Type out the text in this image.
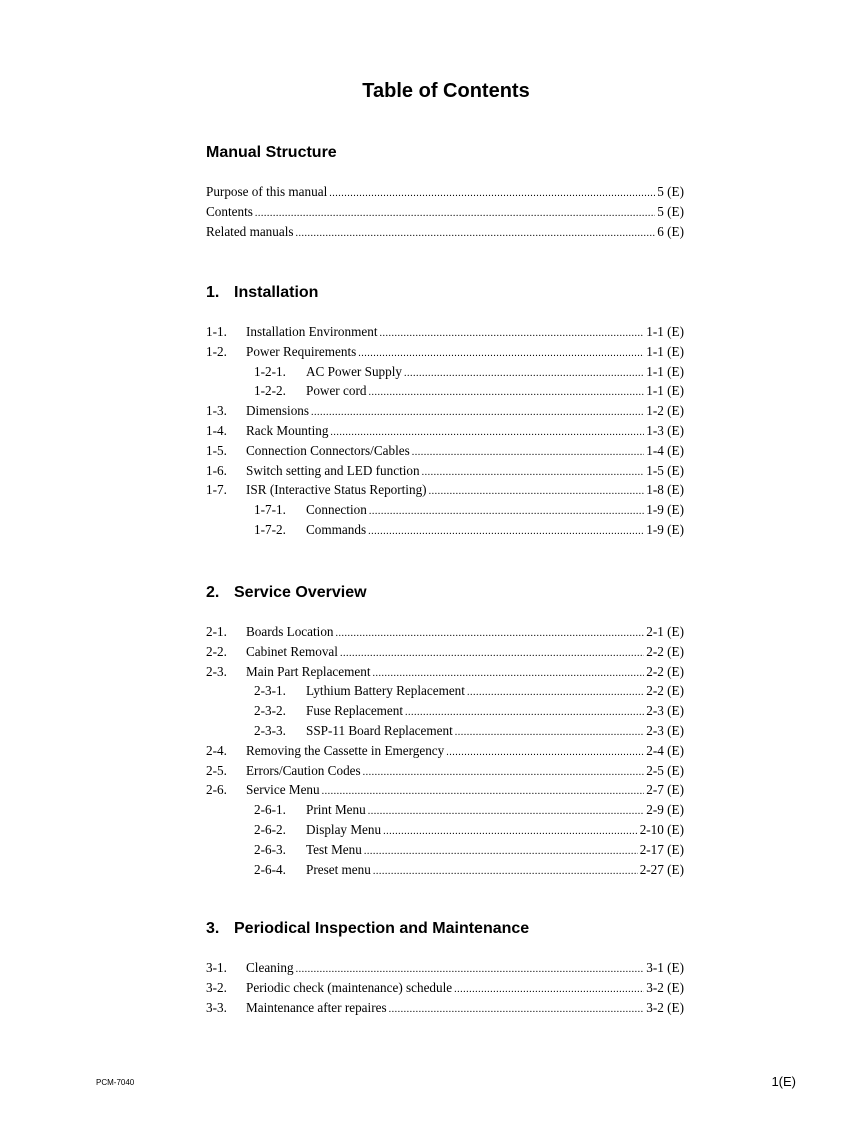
Table of Contents
Manual Structure
Purpose of this manual .....	5 (E)
Contents .....	5 (E)
Related manuals .....	6 (E)
1. Installation
1-1.	Installation Environment .....	1-1 (E)
1-2.	Power Requirements .....	1-1 (E)
1-2-1.	AC Power Supply .....	1-1 (E)
1-2-2.	Power cord .....	1-1 (E)
1-3.	Dimensions .....	1-2 (E)
1-4.	Rack Mounting .....	1-3 (E)
1-5.	Connection Connectors/Cables .....	1-4 (E)
1-6.	Switch setting and LED function .....	1-5 (E)
1-7.	ISR (Interactive Status Reporting) .....	1-8 (E)
1-7-1.	Connection .....	1-9 (E)
1-7-2.	Commands .....	1-9 (E)
2. Service Overview
2-1.	Boards Location .....	2-1 (E)
2-2.	Cabinet Removal .....	2-2 (E)
2-3.	Main Part Replacement .....	2-2 (E)
2-3-1.	Lythium Battery Replacement .....	2-2 (E)
2-3-2.	Fuse Replacement .....	2-3 (E)
2-3-3.	SSP-11 Board Replacement .....	2-3 (E)
2-4.	Removing the Cassette in Emergency .....	2-4 (E)
2-5.	Errors/Caution Codes .....	2-5 (E)
2-6.	Service Menu .....	2-7 (E)
2-6-1.	Print Menu .....	2-9 (E)
2-6-2.	Display Menu .....	2-10 (E)
2-6-3.	Test Menu .....	2-17 (E)
2-6-4.	Preset menu .....	2-27 (E)
3. Periodical Inspection and Maintenance
3-1.	Cleaning .....	3-1 (E)
3-2.	Periodic check (maintenance) schedule .....	3-2 (E)
3-3.	Maintenance after repaires .....	3-2 (E)
PCM-7040	1(E)
